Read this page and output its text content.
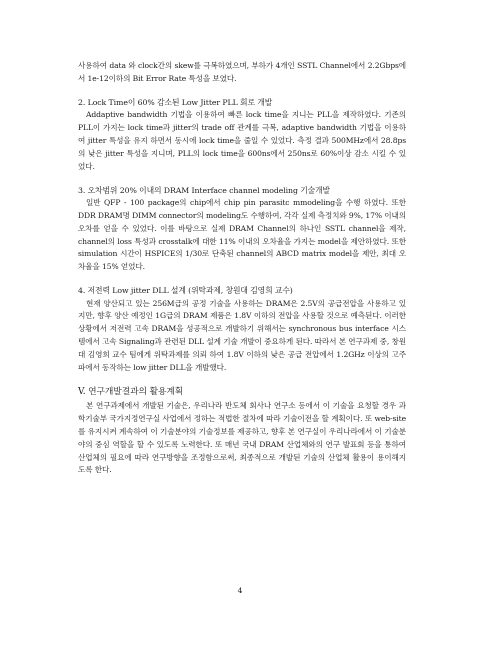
사용하여 data 와 clock간의 skew를 극복하였으며, 부하가 4개인 SSTL Channel에서 2.2Gbps에서 1e-12이하의 Bit Error Rate 특성을 보였다.

2. Lock Time이 60% 감소된 Low Jitter PLL 회로 개발

Addaptive bandwidth 기법을 이용하여 빠른 lock time을 지니는 PLL을 제작하였다. 기존의 PLL이 가지는 lock time과 jitter의 trade off 관계를 극복, adaptive bandwidth 기법을 이용하여 jitter 특성을 유지 하면서 동시에 lock time을 줄일 수 있었다. 측정 결과 500MHz에서 28.8ps의 낮은 jitter 특성을 지니며, PLL의 lock time을 600ns에서 250ns로 60%이상 감소 시킬 수 있었다.

3. 오차범위 20% 이내의 DRAM Interface channel modeling 기술개발

일반 QFP - 100 package의 chip에서 chip pin parasitc mmodeling을 수행 하였다. 또한 DDR DRAM명 DIMM connector의 modeling도 수행하여, 각각 실제 측정치와 9%, 17% 이내의 오차를 얻을 수 있었다. 이를 바탕으로 실제 DRAM Channel의 하나인 SSTL channel을 제작, channel의 loss 특성과 crosstalk에 대한 11% 이내의 오차율을 가지는 model을 제안하였다. 또한 simulation 시간이 HSPICE의 1/30로 단축된 channel의 ABCD matrix model을 제안, 최대 오차율을 15% 얻었다.

4. 저전력 Low jitter DLL 설계 (위탁과제, 창원대 김영희 교수)

현재 양산되고 있는 256M급의 공정 기술을 사용하는 DRAM은 2.5V의 공급전압을 사용하고 있지만, 향후 양산 예정인 1G급의 DRAM 제품은 1.8V 이하의 전압을 사용할 것으로 예측된다. 이러한 상황에서 저전력 고속 DRAM을 성공적으로 개발하기 위해서는 synchronous bus interface 시스템에서 고속 Signaling과 관련된 DLL 설계 기술 개발이 중요하게 된다. 따라서 본 연구과제 중, 창원대 김영희 교수 팀에게 위탁과제를 의뢰 하여 1.8V 이하의 낮은 공급 전압에서 1.2GHz 이상의 고주파에서 동작하는 low jitter DLL을 개발했다.

V. 연구개발결과의 활용계획

본 연구과제에서 개발된 기술은, 우리나라 반도체 회사나 연구소 등에서 이 기술을 요청할 경우 과학기술부 국가지정연구실 사업에서 정하는 적법한 절차에 따라 기술이전을 할 계획이다. 또 web-site를 유지시켜 계속하여 이 기술분야의 기술정보를 제공하고, 향후 본 연구실이 우리나라에서 이 기술분야의 중심 역할을 할 수 있도록 노력한다. 또 매년 국내 DRAM 산업체와의 연구 발표회 등을 통하여 산업체의 필요에 따라 연구방향을 조정함으로써, 최종적으로 개발된 기술의 산업체 활용이 용이해지도록 한다.

4
